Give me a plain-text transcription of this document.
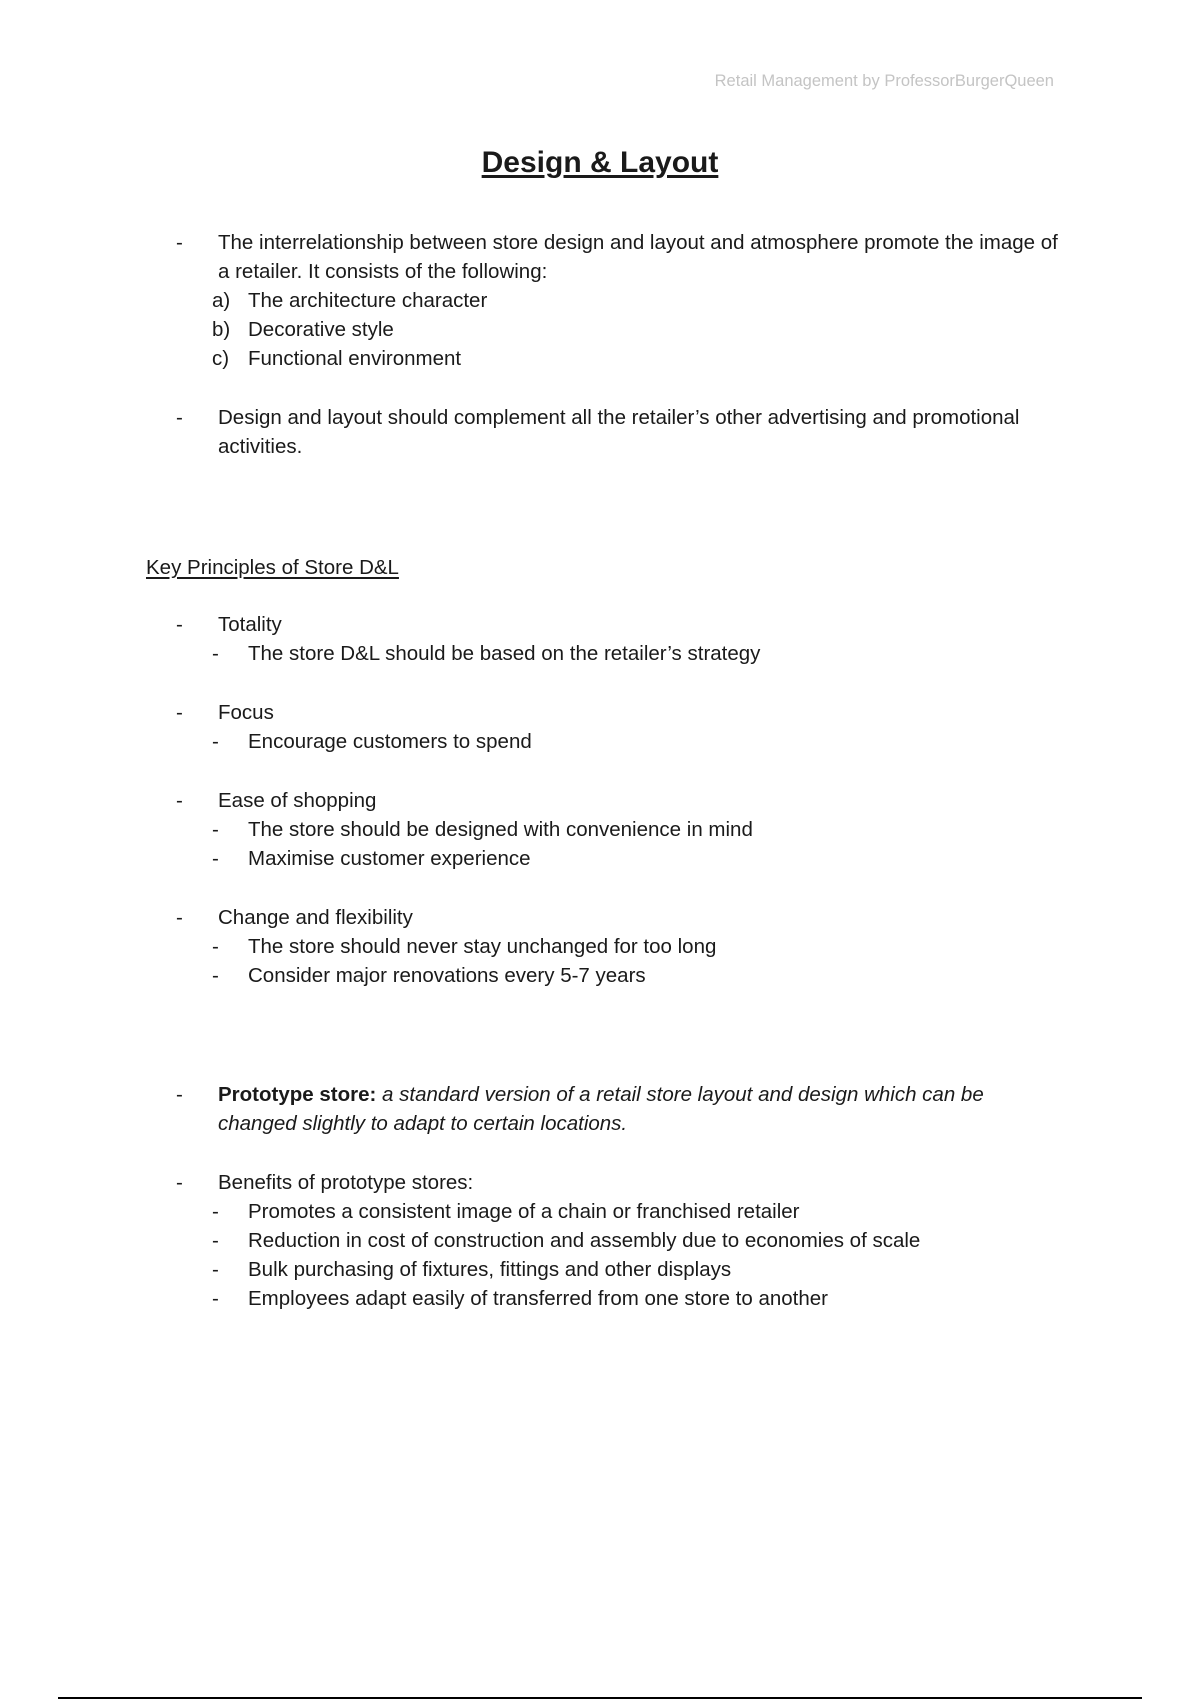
Retail Management by ProfessorBurgerQueen
Design & Layout
- The interrelationship between store design and layout and atmosphere promote the image of a retailer. It consists of the following:
a) The architecture character
b) Decorative style
c) Functional environment
- Design and layout should complement all the retailer’s other advertising and promotional activities.
Key Principles of Store D&L
- Totality
- The store D&L should be based on the retailer’s strategy
- Focus
- Encourage customers to spend
- Ease of shopping
- The store should be designed with convenience in mind
- Maximise customer experience
- Change and flexibility
- The store should never stay unchanged for too long
- Consider major renovations every 5-7 years
- Prototype store: a standard version of a retail store layout and design which can be changed slightly to adapt to certain locations.
- Benefits of prototype stores:
- Promotes a consistent image of a chain or franchised retailer
- Reduction in cost of construction and assembly due to economies of scale
- Bulk purchasing of fixtures, fittings and other displays
- Employees adapt easily of transferred from one store to another
